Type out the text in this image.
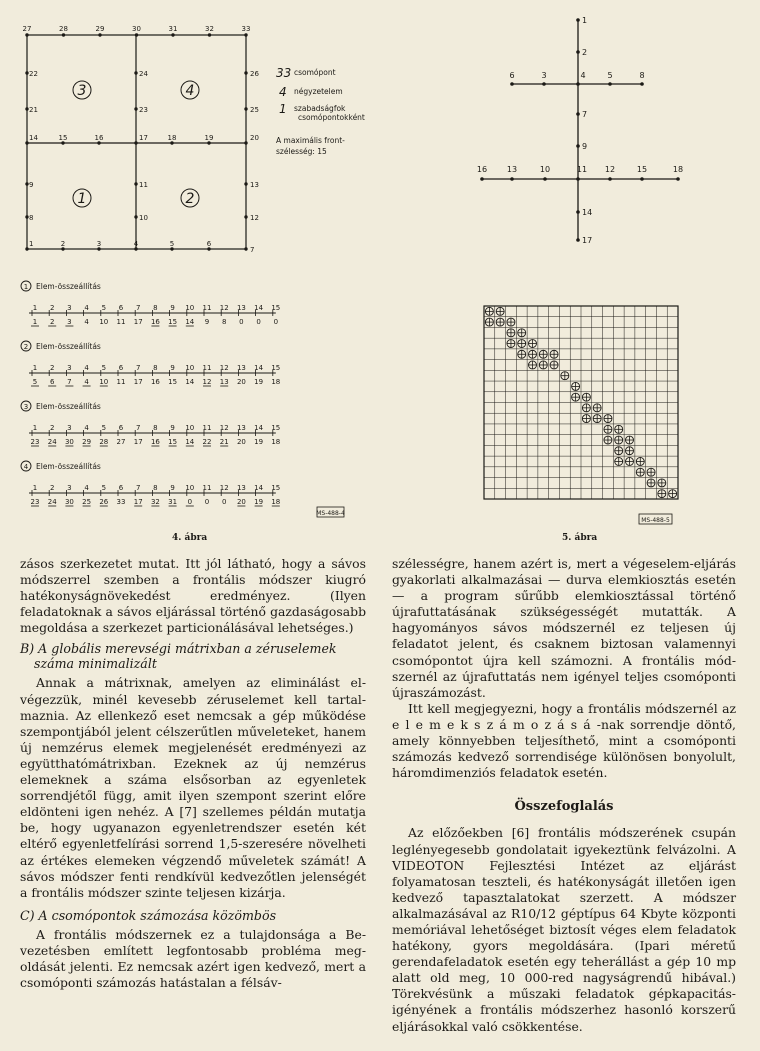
27	28	29	30	31	32	33
22
21
14
9
8
1
24
23
17
11
10
26
25
20
13
12
7
15	16	18	19
2	3	5	6
4
3	4
1	2
33 csomópont
4 négyzetelem
1 szabadságfok csomópontokként
A maximális front- szélesség: 15
1 Elem-összeállítás
1 2 3 4 5 6 7 8 9 10 11 12 13 14 15
1 2 3 4 10 11 17 16 15 14 9 8 0 0 0
2 Elem-összeállítás
1 2 3 4 5 6 7 8 9 10 11 12 13 14 15
5 6 7 4 10 11 17 16 15 14 12 13 20 19 18
3 Elem-összeállítás
1 2 3 4 5 6 7 8 9 10 11 12 13 14 15
23 24 30 29 28 27 17 16 15 14 22 21 20 19 18
4 Elem-összeállítás
1 2 3 4 5 6 7 8 9 10 11 12 13 14 15
23 24 30 25 26 33 17 32 31 0 0 0 20 19 18
MS-488-4
4. ábra
1
2
7
9
14
17
6	3	4	5	8
16 13	10	11 12	15	18
MS-488-5
5. ábra

zásos szerkezetet mutat. Itt jól látható, hogy a sávos módszerrel szemben a frontális módszer kiugró hatékonyságnövekedést eredményez. (Ilyen feladatoknak a sávos eljárással történő gazdaságosabb megoldása a szerkezet particionálásával lehetséges.)

B) A globális merevségi mátrixban a zéruselemek száma minimalizált

Annak a mátrixnak, amelyen az eliminálást elvégezzük, minél kevesebb zéruselemet kell tartalmaznia. Az ellenkező eset nemcsak a gép működése szempontjából jelent célszerűtlen műveleteket, hanem új nemzérus elemek megjelenését eredményezi az együtthatómátrixban. Ezeknek az új nemzérus elemeknek a száma elsősorban az egyenletek sorrendjétől függ, amit ilyen szempont szerint előre eldönteni igen nehéz. A [7] szellemes példán mutatja be, hogy ugyanazon egyenletrendszer esetén két eltérő egyenletfelírási sorrend 1,5-szeresére növelheti az értékes elemeken végzendő műveletek számát! A sávos módszer fenti rendkívül kedvezőtlen jelenségét a frontális módszer szinte teljesen kizárja.

C) A csomópontok számozása közömbös

A frontális módszernek ez a tulajdonsága a Bevezetésben említett legfontosabb probléma megoldását jelenti. Ez nemcsak azért igen kedvező, mert a csomóponti számozás hatástalan a félsáv-

szélességre, hanem azért is, mert a végeselem-eljárás gyakorlati alkalmazásai — durva elemkiosztás esetén — a program sűrűbb elemkiosztással történő újrafuttatásának szükségességét mutatták. A hagyományos sávos módszernél ez teljesen új feladatot jelent, és csaknem biztosan valamennyi csomópontot újra kell számozni. A frontális módszernél az újrafuttatás nem igényel teljes csomóponti újraszámozást.

Itt kell megjegyezni, hogy a frontális módszernél az e l e m e k s z á m o z á s á -nak sorrendje döntő, amely könnyebben teljesíthető, mint a csomóponti számozás kedvező sorrendisége különösen bonyolult, háromdimenziós feladatok esetén.

Összefoglalás

Az előzőekben [6] frontális módszerének csupán leglényegesebb gondolatait igyekeztünk felvázolni. A VIDEOTON Fejlesztési Intézet az eljárást folyamatosan teszteli, és hatékonyságát illetően igen kedvező tapasztalatokat szerzett. A módszer alkalmazásával az R10/12 géptípus 64 Kbyte központi memóriával lehetőséget biztosít véges elem feladatok hatékony, gyors megoldására. (Ipari méretű gerendafeladatok esetén egy teherállást a gép 10 mp alatt old meg, 10 000-red nagyságrendű hibával.) Törekvésünk a műszaki feladatok gépkapacitás-igényének a frontális módszerhez hasonló korszerű eljárásokkal való csökkentése.
